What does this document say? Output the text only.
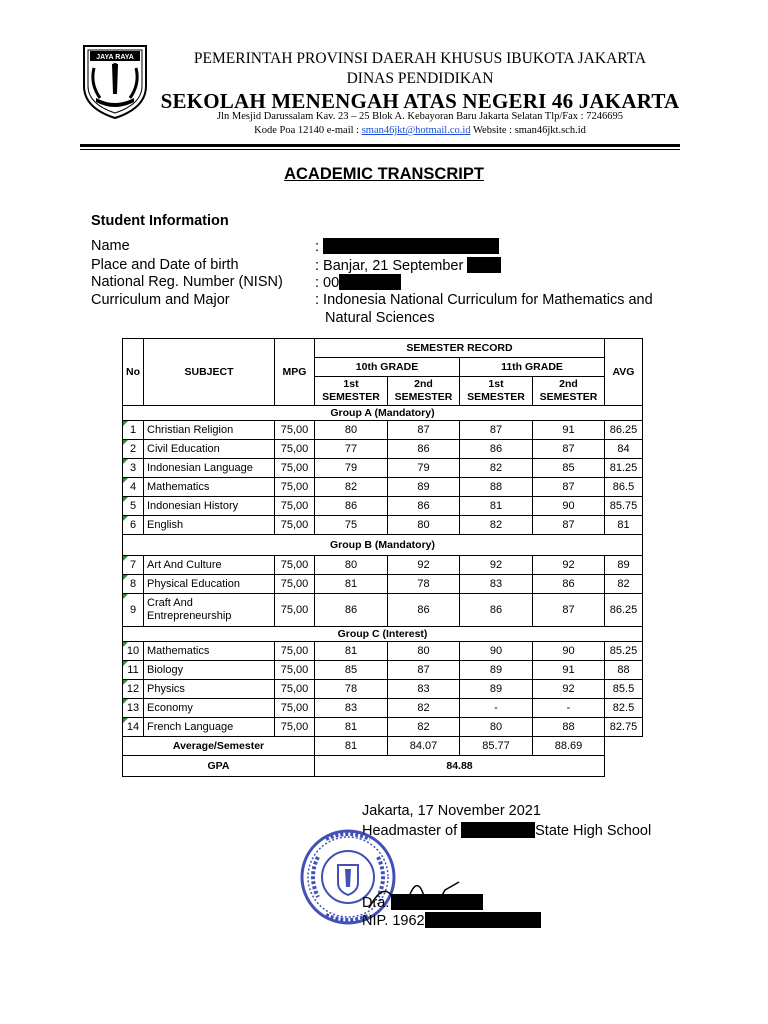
JAYA RAYA	PEMERINTAH PROVINSI DAERAH KHUSUS IBUKOTA JAKARTA
DINAS PENDIDIKAN
SEKOLAH MENENGAH ATAS NEGERI 46 JAKARTA
Jln Mesjid Darussalam Kav. 23 – 25 Blok A. Kebayoran Baru Jakarta Selatan Tlp/Fax : 7246695
Kode Poa 12140 e-mail : sman46jkt@hotmail.co.id Website : sman46jkt.sch.id
ACADEMIC TRANSCRIPT
Student Information
Name	:
Place and Date of birth	: Banjar, 21 September
National Reg. Number (NISN) : 00
Curriculum and Major	: Indonesia National Curriculum for Mathematics and
Natural Sciences
No	SUBJECT	MPG	SEMESTER RECORD				AVG
			10th GRADE		11th GRADE		
			1st SEMESTER	2nd SEMESTER	1st SEMESTER	2nd SEMESTER	
Group A (Mandatory)							

1	Christian Religion	75,00	80	87	87	91	86.25

2	Civil Education	75,00	77	86	86	87	84

3	Indonesian Language	75,00	79	79	82	85	81.25

4	Mathematics	75,00	82	89	88	87	86.5

5	Indonesian History	75,00	86	86	81	90	85.75

6	English	75,00	75	80	82	87	81
Group B (Mandatory)							

7	Art And Culture	75,00	80	92	92	92	89

8	Physical Education	75,00	81	78	83	86	82

9	Craft And Entrepreneurship	75,00	86	86	86	87	86.25
Group C (Interest)							

10	Mathematics	75,00	81	80	90	90	85.25

11	Biology	75,00	85	87	89	91	88

12	Physics	75,00	78	83	89	92	85.5

13	Economy	75,00	83	82	-	-	82.5

14	French Language	75,00	81	82	80	88	82.75
Average/Semester			81	84.07	85.77	88.69	
GPA			84.88				
Jakarta, 17 November 2021
Headmaster of	State High School
Dra.
NIP. 1962
